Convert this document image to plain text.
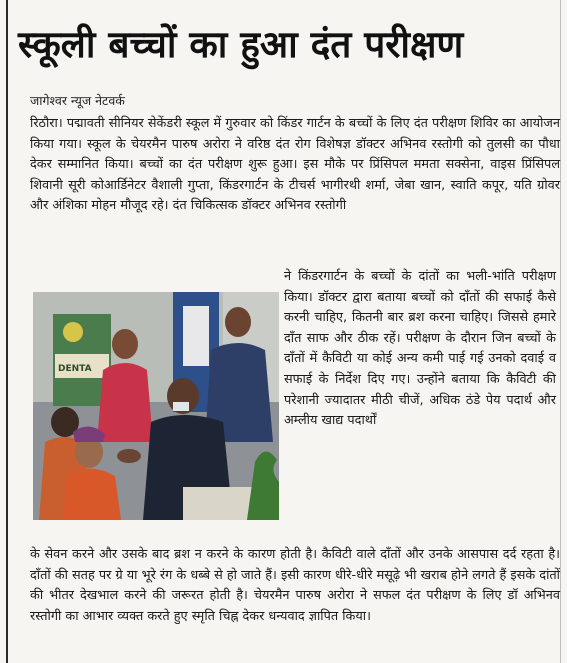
स्कूली बच्चों का हुआ दंत परीक्षण
जागेश्वर न्यूज नेटवर्क
रिठौरा। पद्मावती सीनियर सेकेंडरी स्कूल में गुरुवार को किंडर गार्टन के बच्चों के लिए दंत परीक्षण शिविर का आयोजन किया गया। स्कूल के चेयरमैन पारुष अरोरा ने वरिष्ठ दंत रोग विशेषज्ञ डॉक्टर अभिनव रस्तोगी को तुलसी का पौधा देकर सम्मानित किया। बच्चों का दंत परीक्षण शुरू हुआ। इस मौके पर प्रिंसिपल ममता सक्सेना, वाइस प्रिंसिपल शिवानी सूरी कोआर्डिनेटर वैशाली गुप्ता, किंडरगार्टन के टीचर्स भागीरथी शर्मा, जेबा खान, स्वाति कपूर, यति ग्रोवर और अंशिका मोहन मौजूद रहे। दंत चिकित्सक डॉक्टर अभिनव रस्तोगी
DENTA
ने किंडरगार्टन के बच्चों के दांतों का भली-भांति परीक्षण किया। डॉक्टर द्वारा बताया बच्चों को दाँतों की सफाई कैसे करनी चाहिए, कितनी बार ब्रश करना चाहिए। जिससे हमारे दाँत साफ और ठीक रहें। परीक्षण के दौरान जिन बच्चों के दाँतों में कैविटी या कोई अन्य कमी पाई गई उनको दवाई व सफाई के निर्देश दिए गए। उन्होंने बताया कि कैविटी की परेशानी ज्यादातर मीठी चीजें, अधिक ठंडे पेय पदार्थ और अम्लीय खाद्य पदार्थों
के सेवन करने और उसके बाद ब्रश न करने के कारण होती है। कैविटी वाले दाँतों और उनके आसपास दर्द रहता है। दाँतों की सतह पर ग्रे या भूरे रंग के धब्बे से हो जाते हैं। इसी कारण धीरे-धीरे मसूढ़े भी खराब होने लगते हैं इसके दांतों की भीतर देखभाल करने की जरूरत होती है। चेयरमैन पारुष अरोरा ने सफल दंत परीक्षण के लिए डॉ अभिनव रस्तोगी का आभार व्यक्त करते हुए स्मृति चिह्न देकर धन्यवाद ज्ञापित किया।
